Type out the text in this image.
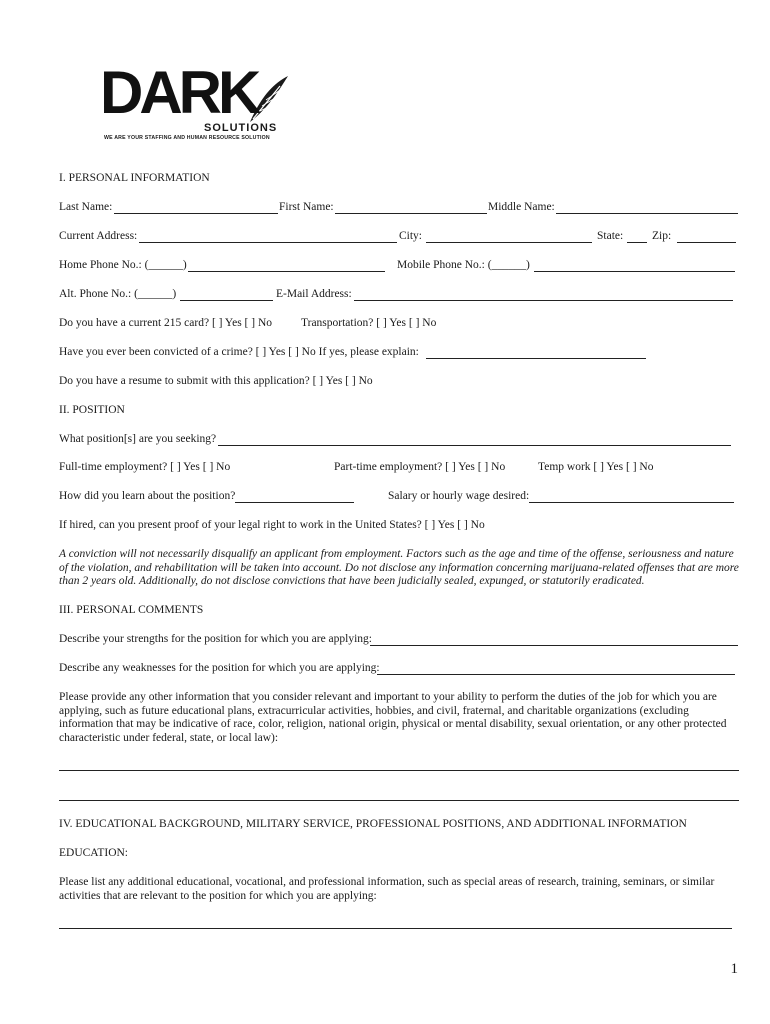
DARK
SOLUTIONS
WE ARE YOUR STAFFING AND HUMAN RESOURCE SOLUTION
I. PERSONAL INFORMATION
Last Name:	First Name:	Middle Name:
Current Address:	City:	State:	Zip:
Home Phone No.: (______)	Mobile Phone No.: (______)
Alt. Phone No.: (______)	E-Mail Address:
Do you have a current 215 card? [ ] Yes [ ] No	Transportation? [ ] Yes [ ] No
Have you ever been convicted of a crime? [ ] Yes [ ] No If yes, please explain:
Do you have a resume to submit with this application? [ ] Yes [ ] No
II. POSITION
What position[s] are you seeking?
Full-time employment? [ ] Yes [ ] No	Part-time employment? [ ] Yes [ ] No	Temp work [ ] Yes [ ] No
How did you learn about the position?	Salary or hourly wage desired:
If hired, can you present proof of your legal right to work in the United States? [ ] Yes [ ] No
A conviction will not necessarily disqualify an applicant from employment. Factors such as the age and time of the offense, seriousness and nature of the violation, and rehabilitation will be taken into account. Do not disclose any information concerning marijuana-related offenses that are more than 2 years old. Additionally, do not disclose convictions that have been judicially sealed, expunged, or statutorily eradicated.
III. PERSONAL COMMENTS
Describe your strengths for the position for which you are applying:
Describe any weaknesses for the position for which you are applying:
Please provide any other information that you consider relevant and important to your ability to perform the duties of the job for which you are applying, such as future educational plans, extracurricular activities, hobbies, and civil, fraternal, and charitable organizations (excluding information that may be indicative of race, color, religion, national origin, physical or mental disability, sexual orientation, or any other protected characteristic under federal, state, or local law):
IV. EDUCATIONAL BACKGROUND, MILITARY SERVICE, PROFESSIONAL POSITIONS, AND ADDITIONAL INFORMATION
EDUCATION:
Please list any additional educational, vocational, and professional information, such as special areas of research, training, seminars, or similar activities that are relevant to the position for which you are applying:
1
